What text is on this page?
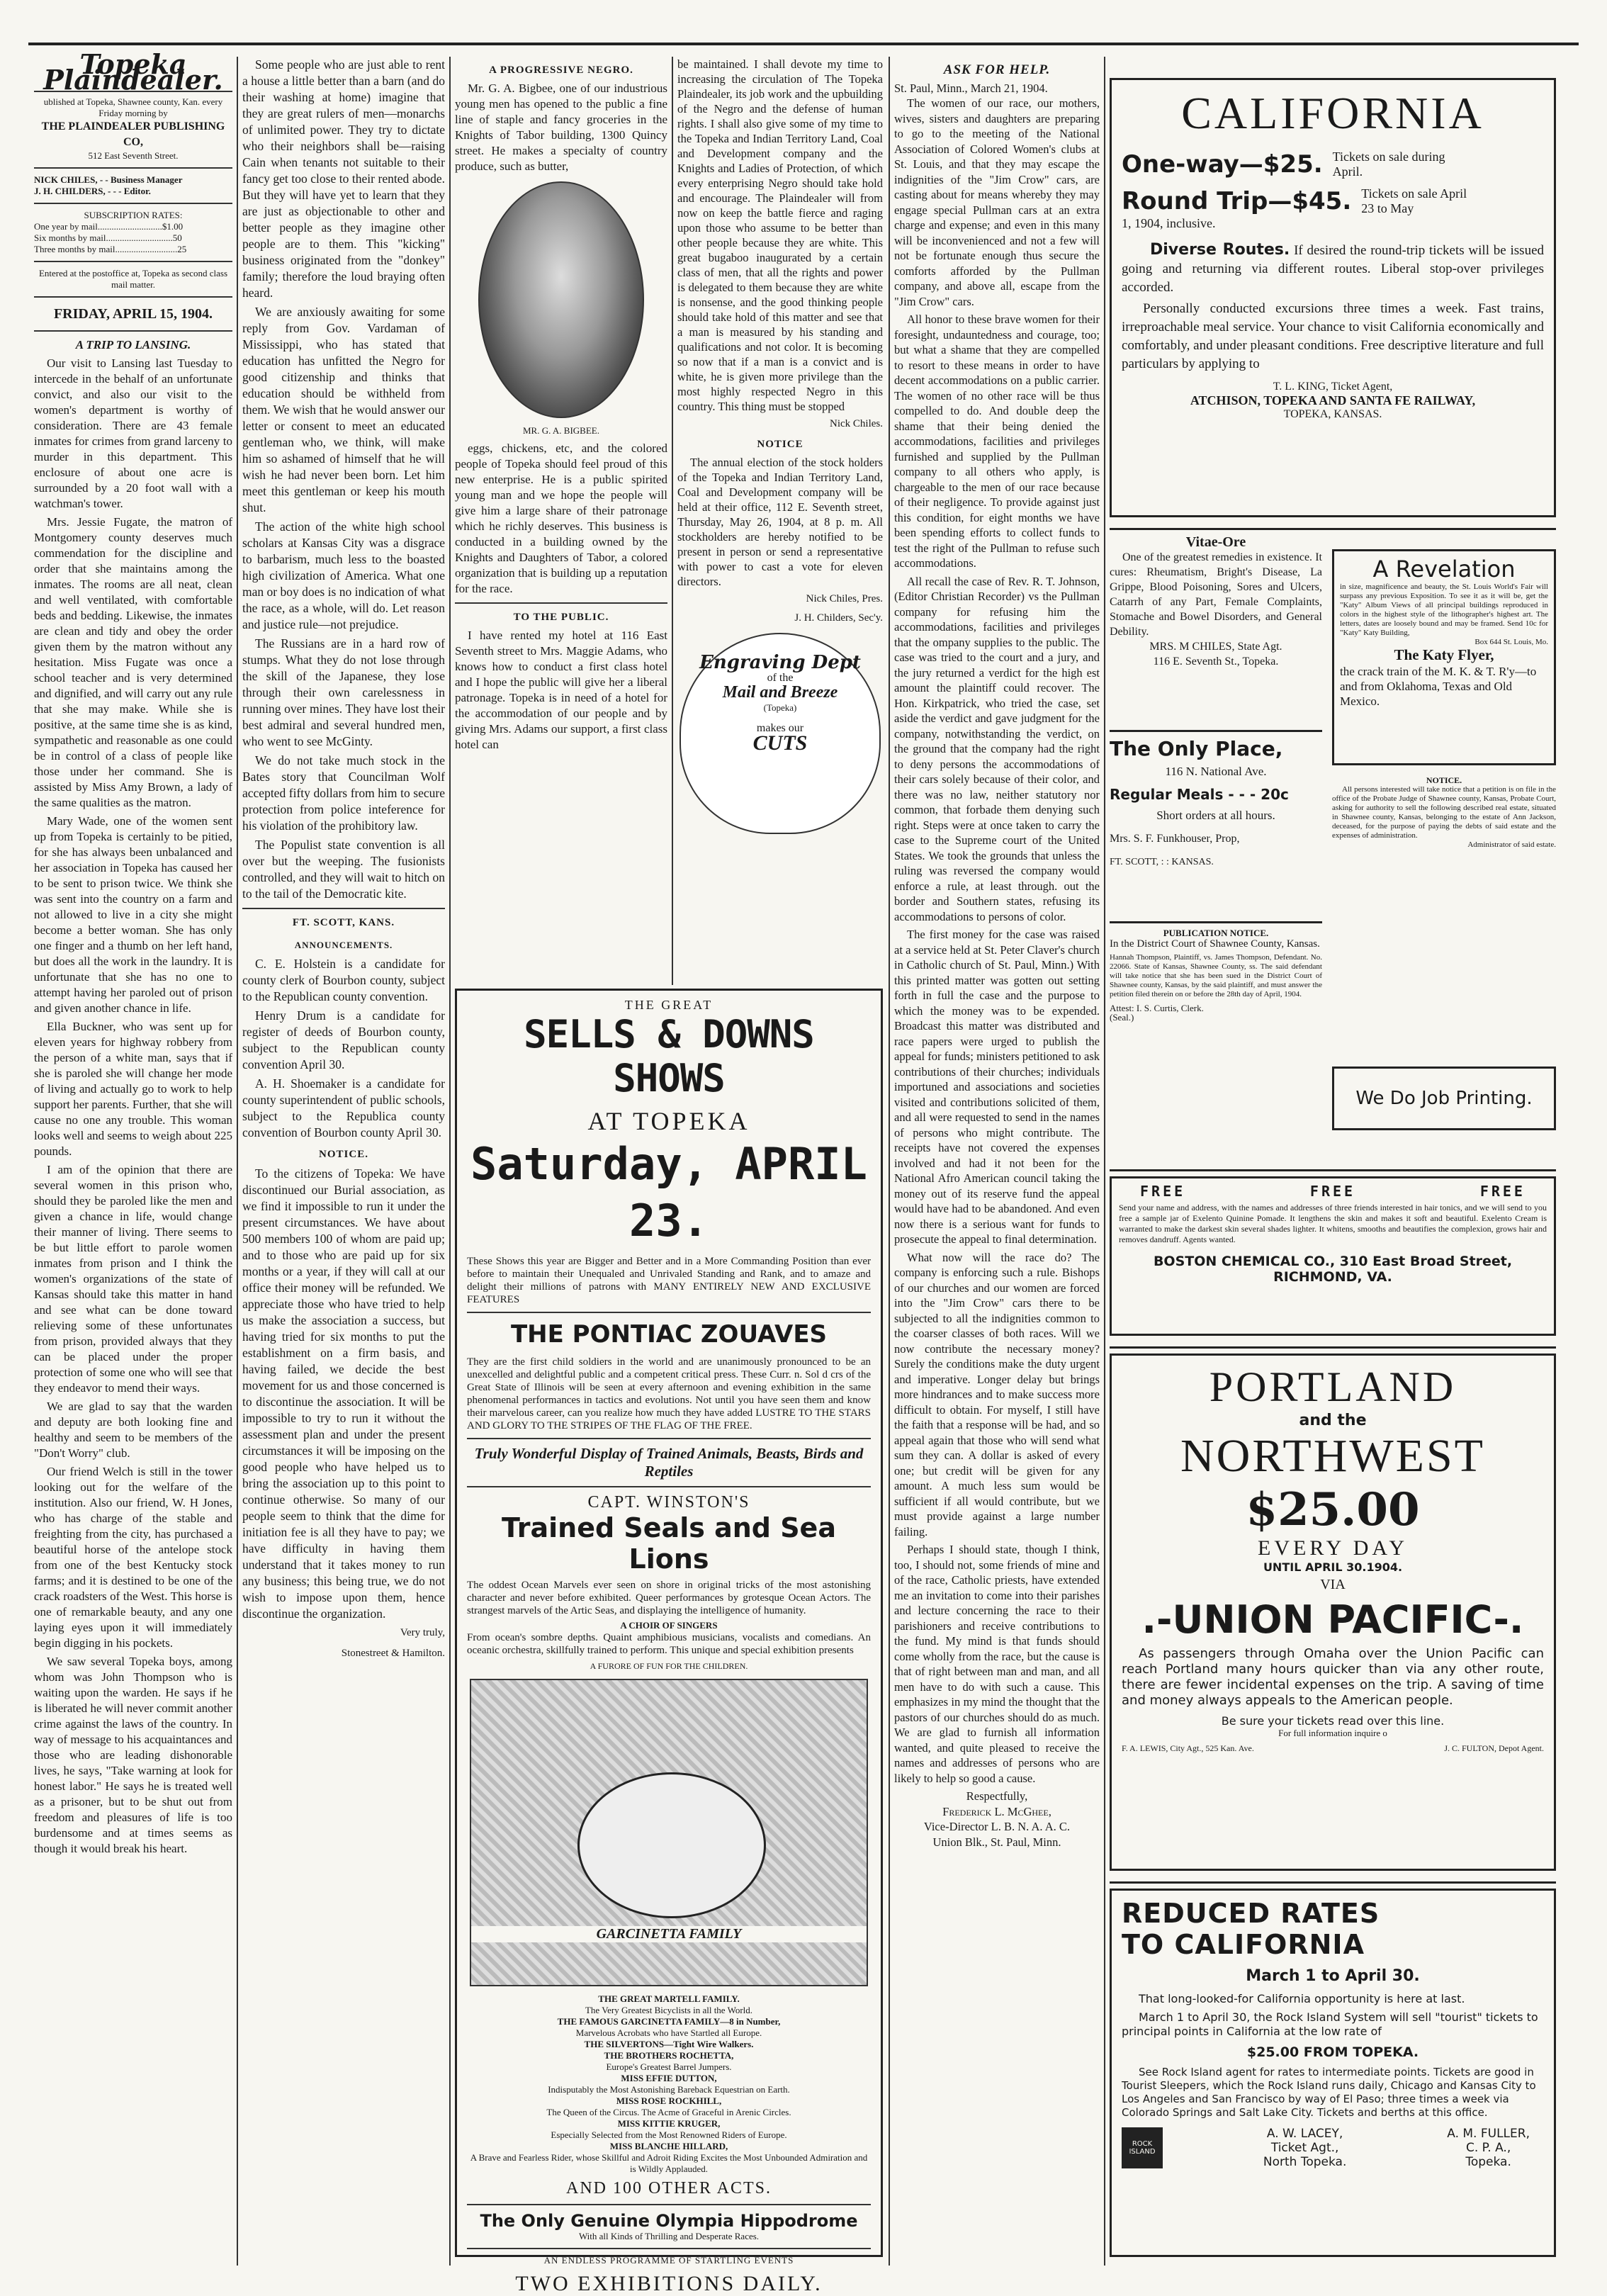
Topeka Plaindealer.
ublished at Topeka, Shawnee county, Kan. every Friday morning by
THE PLAINDEALER PUBLISHING CO,
512 East Seventh Street.
NICK CHILES, - - Business Manager
J. H. CHILDERS, - - - Editor.
SUBSCRIPTION RATES:
One year by mail............................$1.00
Six months by mail.............................50
Three months by mail...........................25
Entered at the postoffice at, Topeka as second class mail matter.
FRIDAY, APRIL 15, 1904.
A TRIP TO LANSING.

Our visit to Lansing last Tuesday to intercede in the behalf of an unfortunate convict, and also our visit to the women's department is worthy of consideration. There are 43 female inmates for crimes from grand larceny to murder in this department. This enclosure of about one acre is surrounded by a 20 foot wall with a watchman's tower.

Mrs. Jessie Fugate, the matron of Montgomery county deserves much commendation for the discipline and order that she maintains among the inmates. The rooms are all neat, clean and well ventilated, with comfortable beds and bedding. Likewise, the inmates are clean and tidy and obey the order given them by the matron without any hesitation. Miss Fugate was once a school teacher and is very determined and dignified, and will carry out any rule that she may make. While she is positive, at the same time she is as kind, sympathetic and reasonable as one could be in control of a class of people like those under her command. She is assisted by Miss Amy Brown, a lady of the same qualities as the matron.

Mary Wade, one of the women sent up from Topeka is certainly to be pitied, for she has always been unbalanced and her association in Topeka has caused her to be sent to prison twice. We think she was sent into the country on a farm and not allowed to live in a city she might become a better woman. She has only one finger and a thumb on her left hand, but does all the work in the laundry. It is unfortunate that she has no one to attempt having her paroled out of prison and given another chance in life.

Ella Buckner, who was sent up for eleven years for highway robbery from the person of a white man, says that if she is paroled she will change her mode of living and actually go to work to help support her parents. Further, that she will cause no one any trouble. This woman looks well and seems to weigh about 225 pounds.

I am of the opinion that there are several women in this prison who, should they be paroled like the men and given a chance in life, would change their manner of living. There seems to be but little effort to parole women inmates from prison and I think the women's organizations of the state of Kansas should take this matter in hand and see what can be done toward relieving some of these unfortunates from prison, provided always that they can be placed under the proper protection of some one who will see that they endeavor to mend their ways.

We are glad to say that the warden and deputy are both looking fine and healthy and seem to be members of the "Don't Worry" club.

Our friend Welch is still in the tower looking out for the welfare of the institution. Also our friend, W. H Jones, who has charge of the stable and freighting from the city, has purchased a beautiful horse of the antelope stock from one of the best Kentucky stock farms; and it is destined to be one of the crack roadsters of the West. This horse is one of remarkable beauty, and any one laying eyes upon it will immediately begin digging in his pockets.

We saw several Topeka boys, among whom was John Thompson who is waiting upon the warden. He says if he is liberated he will never commit another crime against the laws of the country. In way of message to his acquaintances and those who are leading dishonorable lives, he says, "Take warning at look for honest labor." He says he is treated well as a prisoner, but to be shut out from freedom and pleasures of life is too burdensome and at times seems as though it would break his heart.

Some people who are just able to rent a house a little better than a barn (and do their washing at home) imagine that they are great rulers of men—monarchs of unlimited power. They try to dictate who their neighbors shall be—raising Cain when tenants not suitable to their fancy get too close to their rented abode. But they will have yet to learn that they are just as objectionable to other and better people as they imagine other people are to them. This "kicking" business originated from the "donkey" family; therefore the loud braying often heard.

We are anxiously awaiting for some reply from Gov. Vardaman of Mississippi, who has stated that education has unfitted the Negro for good citizenship and thinks that education should be withheld from them. We wish that he would answer our letter or consent to meet an educated gentleman who, we think, will make him so ashamed of himself that he will wish he had never been born. Let him meet this gentleman or keep his mouth shut.

The action of the white high school scholars at Kansas City was a disgrace to barbarism, much less to the boasted high civilization of America. What one man or boy does is no indication of what the race, as a whole, will do. Let reason and justice rule—not prejudice.

The Russians are in a hard row of stumps. What they do not lose through the skill of the Japanese, they lose through their own carelessness in running over mines. They have lost their best admiral and several hundred men, who went to see McGinty.

We do not take much stock in the Bates story that Councilman Wolf accepted fifty dollars from him to secure protection from police inteference for his violation of the prohibitory law.

The Populist state convention is all over but the weeping. The fusionists controlled, and they will wait to hitch on to the tail of the Democratic kite.

FT. SCOTT, KANS.
ANNOUNCEMENTS.

C. E. Holstein is a candidate for county clerk of Bourbon county, subject to the Republican county convention.

Henry Drum is a candidate for register of deeds of Bourbon county, subject to the Republican county convention April 30.

A. H. Shoemaker is a candidate for county superintendent of public schools, subject to the Republica county convention of Bourbon county April 30.

NOTICE.

To the citizens of Topeka: We have discontinued our Burial association, as we find it impossible to run it under the present circumstances. We have about 500 members 100 of whom are paid up; and to those who are paid up for six months or a year, if they will call at our office their money will be refunded. We appreciate those who have tried to help us make the association a success, but having tried for six months to put the establishment on a firm basis, and having failed, we decide the best movement for us and those concerned is to discontinue the association. It will be impossible to try to run it without the assessment plan and under the present circumstances it will be imposing on the good people who have helped us to bring the association up to this point to continue otherwise. So many of our people seem to think that the dime for initiation fee is all they have to pay; we have difficulty in having them understand that it takes money to run any business; this being true, we do not wish to impose upon them, hence discontinue the organization.

Very truly,
Stonestreet & Hamilton.
A PROGRESSIVE NEGRO.

Mr. G. A. Bigbee, one of our industrious young men has opened to the public a fine line of staple and fancy groceries in the Knights of Tabor building, 1300 Quincy street. He makes a specialty of country produce, such as butter,

MR. G. A. BIGBEE.

eggs, chickens, etc, and the colored people of Topeka should feel proud of this new enterprise. He is a public spirited young man and we hope the people will give him a large share of their patronage which he richly deserves. This business is conducted in a building owned by the Knights and Daughters of Tabor, a colored organization that is building up a reputation for the race.

TO THE PUBLIC.

I have rented my hotel at 116 East Seventh street to Mrs. Maggie Adams, who knows how to conduct a first class hotel and I hope the public will give her a liberal patronage. Topeka is in need of a hotel for the accommodation of our people and by giving Mrs. Adams our support, a first class hotel can

be maintained. I shall devote my time to increasing the circulation of The Topeka Plaindealer, its job work and the upbuilding of the Negro and the defense of human rights. I shall also give some of my time to the Topeka and Indian Territory Land, Coal and Development company and the Knights and Ladies of Protection, of which every enterprising Negro should take hold and encourage. The Plaindealer will from now on keep the battle fierce and raging upon those who assume to be better than other people because they are white. This great bugaboo inaugurated by a certain class of men, that all the rights and power is delegated to them because they are white is nonsense, and the good thinking people should take hold of this matter and see that a man is measured by his standing and qualifications and not color. It is becoming so now that if a man is a convict and is white, he is given more privilege than the most highly respected Negro in this country. This thing must be stopped

Nick Chiles.
NOTICE

The annual election of the stock holders of the Topeka and Indian Territory Land, Coal and Development company will be held at their office, 112 E. Seventh street, Thursday, May 26, 1904, at 8 p. m. All stockholders are hereby notified to be present in person or send a representative with power to cast a vote for eleven directors.

Nick Chiles, Pres.
J. H. Childers, Sec'y.
Engraving Dept
of the
Mail and Breeze
(Topeka)
makes our
CUTS
THE GREAT
SELLS & DOWNS SHOWS
AT TOPEKA
Saturday, APRIL 23.
These Shows this year are Bigger and Better and in a More Commanding Position than ever before to maintain their Unequaled and Unrivaled Standing and Rank, and to amaze and delight their millions of patrons with MANY ENTIRELY NEW AND EXCLUSIVE FEATURES
THE PONTIAC ZOUAVES
They are the first child soldiers in the world and are unanimously pronounced to be an unexcelled and delightful public and a competent critical press. These Curr. n. Sol d crs of the Great State of Illinois will be seen at every afternoon and evening exhibition in the same phenomenal performances in tactics and evolutions. Not until you have seen them and know their marvelous career, can you realize how much they have added LUSTRE TO THE STARS AND GLORY TO THE STRIPES OF THE FLAG OF THE FREE.
Truly Wonderful Display of Trained Animals, Beasts, Birds and Reptiles
CAPT. WINSTON'S
Trained Seals and Sea Lions
The oddest Ocean Marvels ever seen on shore in original tricks of the most astonishing character and never before exhibited. Queer performances by grotesque Ocean Actors. The strangest marvels of the Artic Seas, and displaying the intelligence of humanity.
A CHOIR OF SINGERS
From ocean's sombre depths. Quaint amphibious musicians, vocalists and comedians. An oceanic orchestra, skillfully trained to perform. This unique and special exhibition presents
A FURORE OF FUN FOR THE CHILDREN.
GARCINETTA FAMILY
THE GREAT MARTELL FAMILY.
The Very Greatest Bicyclists in all the World.
THE FAMOUS GARCINETTA FAMILY—8 in Number,
Marvelous Acrobats who have Startled all Europe.
THE SILVERTONS—Tight Wire Walkers.
THE BROTHERS ROCHETTA,
Europe's Greatest Barrel Jumpers.
MISS EFFIE DUTTON,
Indisputably the Most Astonishing Bareback Equestrian on Earth.
MISS ROSE ROCKHILL,
The Queen of the Circus. The Acme of Graceful in Arenic Circles.
MISS KITTIE KRUGER,
Especially Selected from the Most Renowned Riders of Europe.
MISS BLANCHE HILLARD,
A Brave and Fearless Rider, whose Skillful and Adroit Riding Excites the Most Unbounded Admiration and is Wildly Applauded.
AND 100 OTHER ACTS.
The Only Genuine Olympia Hippodrome
With all Kinds of Thrilling and Desperate Races.
AN ENDLESS PROGRAMME OF STARTLING EVENTS
TWO EXHIBITIONS DAILY.
ASK FOR HELP.
St. Paul, Minn., March 21, 1904.

The women of our race, our mothers, wives, sisters and daughters are preparing to go to the meeting of the National Association of Colored Women's clubs at St. Louis, and that they may escape the indignities of the "Jim Crow" cars, are casting about for means whereby they may engage special Pullman cars at an extra charge and expense; and even in this many will be inconvenienced and not a few will not be fortunate enough thus secure the comforts afforded by the Pullman company, and above all, escape from the "Jim Crow" cars.

All honor to these brave women for their foresight, undauntedness and courage, too; but what a shame that they are compelled to resort to these means in order to have decent accommodations on a public carrier. The women of no other race will be thus compelled to do. And double deep the shame that their being denied the accommodations, facilities and privileges furnished and supplied by the Pullman company to all others who apply, is chargeable to the men of our race because of their negligence. To provide against just this condition, for eight months we have been spending efforts to collect funds to test the right of the Pullman to refuse such accommodations.

All recall the case of Rev. R. T. Johnson, (Editor Christian Recorder) vs the Pullman company for refusing him the accommodations, facilities and privileges that the ompany supplies to the public. The case was tried to the court and a jury, and the jury returned a verdict for the high est amount the plaintiff could recover. The Hon. Kirkpatrick, who tried the case, set aside the verdict and gave judgment for the company, notwithstanding the verdict, on the ground that the company had the right to deny persons the accommodations of their cars solely because of their color, and there was no law, neither statutory nor common, that forbade them denying such right. Steps were at once taken to carry the case to the Supreme court of the United States. We took the grounds that unless the ruling was reversed the company would enforce a rule, at least through. out the border and Southern states, refusing its accommodations to persons of color.

The first money for the case was raised at a service held at St. Peter Claver's church in Catholic church of St. Paul, Minn.) With this printed matter was gotten out setting forth in full the case and the purpose to which the money was to be expended. Broadcast this matter was distributed and race papers were urged to publish the appeal for funds; ministers petitioned to ask contributions of their churches; individuals importuned and associations and societies visited and contributions solicited of them, and all were requested to send in the names of persons who might contribute. The receipts have not covered the expenses involved and had it not been for the National Afro American council taking the money out of its reserve fund the appeal would have had to be abandoned. And even now there is a serious want for funds to prosecute the appeal to final determination.

What now will the race do? The company is enforcing such a rule. Bishops of our churches and our women are forced into the "Jim Crow" cars there to be subjected to all the indignities common to the coarser classes of both races. Will we now contribute the necessary money? Surely the conditions make the duty urgent and imperative. Longer delay but brings more hindrances and to make success more difficult to obtain. For myself, I still have the faith that a response will be had, and so appeal again that those who will send what sum they can. A dollar is asked of every one; but credit will be given for any amount. A much less sum would be sufficient if all would contribute, but we must provide against a large number failing.

Perhaps I should state, though I think, too, I should not, some friends of mine and of the race, Catholic priests, have extended me an invitation to come into their parishes and lecture concerning the race to their parishioners and receive contributions to the fund. My mind is that funds should come wholly from the race, but the cause is that of right between man and man, and all men have to do with such a cause. This emphasizes in my mind the thought that the pastors of our churches should do as much. We are glad to furnish all information wanted, and quite pleased to receive the names and addresses of persons who are likely to help so good a cause.

Respectfully,
Frederick L. McGhee,
Vice-Director L. B. N. A. A. C.
Union Blk., St. Paul, Minn.
CALIFORNIA
One-way—$25. Tickets on sale during April.
Round Trip—$45. Tickets on sale April 23 to May
1, 1904, inclusive.
Diverse Routes. If desired the round-trip tickets will be issued going and returning via different routes. Liberal stop-over privileges accorded.
Personally conducted excursions three times a week. Fast trains, irreproachable meal service. Your chance to visit California economically and comfortably, and under pleasant conditions. Free descriptive literature and full particulars by applying to
T. L. KING, Ticket Agent,
ATCHISON, TOPEKA AND SANTA FE RAILWAY,
TOPEKA, KANSAS.
Vitae-Ore
One of the greatest remedies in existence. It cures: Rheumatism, Bright's Disease, La Grippe, Blood Poisoning, Sores and Ulcers, Catarrh of any Part, Female Complaints, Stomache and Bowel Disorders, and General Debility.
MRS. M CHILES, State Agt.
116 E. Seventh St., Topeka.
A Revelation
in size, magnificence and beauty, the St. Louis World's Fair will surpass any previous Exposition. To see it as it will be, get the "Katy" Album Views of all principal buildings reproduced in colors in the highest style of the lithographer's highest art. The letters, dates are loosely bound and may be framed. Send 10c for "Katy" Katy Building,
Box 644 St. Louis, Mo.
The Katy Flyer,
the crack train of the M. K. & T. R'y—to and from Oklahoma, Texas and Old Mexico.
The Only Place,
116 N. National Ave.
Regular Meals - - - 20c
Short orders at all hours.
Mrs. S. F. Funkhouser, Prop,
FT. SCOTT, : : KANSAS.
NOTICE.
All persons interested will take notice that a petition is on file in the office of the Probate Judge of Shawnee county, Kansas, Probate Court, asking for authority to sell the following described real estate, situated in Shawnee county, Kansas, belonging to the estate of Ann Jackson, deceased, for the purpose of paying the debts of said estate and the expenses of administration.
Administrator of said estate.
PUBLICATION NOTICE.
In the District Court of Shawnee County, Kansas.
Hannah Thompson, Plaintiff, vs. James Thompson, Defendant. No. 22066. State of Kansas, Shawnee County, ss. The said defendant will take notice that she has been sued in the District Court of Shawnee county, Kansas, by the said plaintiff, and must answer the petition filed therein on or before the 28th day of April, 1904.
Attest: I. S. Curtis, Clerk.
(Seal.)
We Do Job Printing.
FREE	FREE	FREE
Send your name and address, with the names and addresses of three friends interested in hair tonics, and we will send to you free a sample jar of Exelento Quinine Pomade. It lengthens the skin and makes it soft and beautiful. Exelento Cream is warranted to make the darkest skin several shades lighter. It whitens, smooths and beautifies the complexion, grows hair and removes dandruff. Agents wanted.
BOSTON CHEMICAL CO., 310 East Broad Street, RICHMOND, VA.
PORTLAND
and the
NORTHWEST
$25.00
EVERY DAY
UNTIL APRIL 30.1904.
VIA
.-UNION PACIFIC-.
As passengers through Omaha over the Union Pacific can reach Portland many hours quicker than via any other route, there are fewer incidental expenses on the trip. A saving of time and money always appeals to the American people.
Be sure your tickets read over this line.
For full information inquire o
F. A. LEWIS, City Agt., 525 Kan. Ave.	J. C. FULTON, Depot Agent.
REDUCED RATES
TO CALIFORNIA
March 1 to April 30.
That long-looked-for California opportunity is here at last.
March 1 to April 30, the Rock Island System will sell "tourist" tickets to principal points in California at the low rate of
$25.00 FROM TOPEKA.
See Rock Island agent for rates to intermediate points. Tickets are good in Tourist Sleepers, which the Rock Island runs daily, Chicago and Kansas City to Los Angeles and San Francisco by way of El Paso; three times a week via Colorado Springs and Salt Lake City. Tickets and berths at this office.
ROCK ISLAND
A. W. LACEY,
Ticket Agt.,
North Topeka.
A. M. FULLER,
C. P. A.,
Topeka.
